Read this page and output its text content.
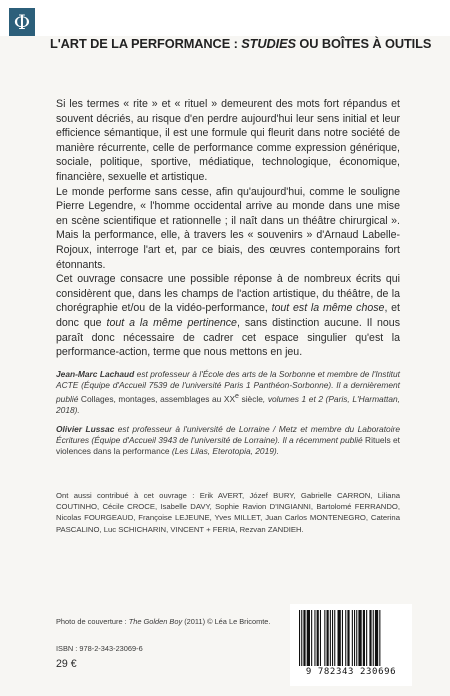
Φ
L'ART DE LA PERFORMANCE : STUDIES OU BOÎTES À OUTILS

Si les termes « rite » et « rituel » demeurent des mots fort répandus et souvent décriés, au risque d'en perdre aujourd'hui leur sens initial et leur efficience sémantique, il est une formule qui fleurit dans notre société de manière récurrente, celle de performance comme expression générique, sociale, politique, sportive, médiatique, technologique, économique, financière, sexuelle et artistique.

Le monde performe sans cesse, afin qu'aujourd'hui, comme le souligne Pierre Legendre, « l'homme occidental arrive au monde dans une mise en scène scientifique et rationnelle ; il naît dans un théâtre chirurgical ». Mais la performance, elle, à travers les « souvenirs » d'Arnaud Labelle-Rojoux, interroge l'art et, par ce biais, des œuvres contemporains fort étonnants.

Cet ouvrage consacre une possible réponse à de nombreux écrits qui considèrent que, dans les champs de l'action artistique, du théâtre, de la chorégraphie et/ou de la vidéo-performance, tout est la même chose, et donc que tout a la même pertinence, sans distinction aucune. Il nous paraît donc nécessaire de cadrer cet espace singulier qu'est la performance-action, terme que nous mettons en jeu.

Jean-Marc Lachaud est professeur à l'École des arts de la Sorbonne et membre de l'Institut ACTE (Équipe d'Accueil 7539 de l'université Paris 1 Panthéon-Sorbonne). Il a dernièrement publié Collages, montages, assemblages au XXe siècle, volumes 1 et 2 (Paris, L'Harmattan, 2018).
Olivier Lussac est professeur à l'université de Lorraine / Metz et membre du Laboratoire Écritures (Équipe d'Accueil 3943 de l'université de Lorraine). Il a récemment publié Rituels et violences dans la performance (Les Lilas, Eterotopia, 2019).
Ont aussi contribué à cet ouvrage : Erik AVERT, Józef BURY, Gabrielle CARRON, Liliana COUTINHO, Cécile CROCE, Isabelle DAVY, Sophie Ravion D'INGIANNI, Bartolomé FERRANDO, Nicolas FOURGEAUD, Françoise LEJEUNE, Yves MILLET, Juan Carlos MONTENEGRO, Caterina PASCALINO, Luc SCHICHARIN, VINCENT + FERIA, Rezvan ZANDIEH.
Photo de couverture : The Golden Boy (2011) © Léa Le Bricomte.
ISBN : 978-2-343-23069-6
29 €
9 782343 230696
